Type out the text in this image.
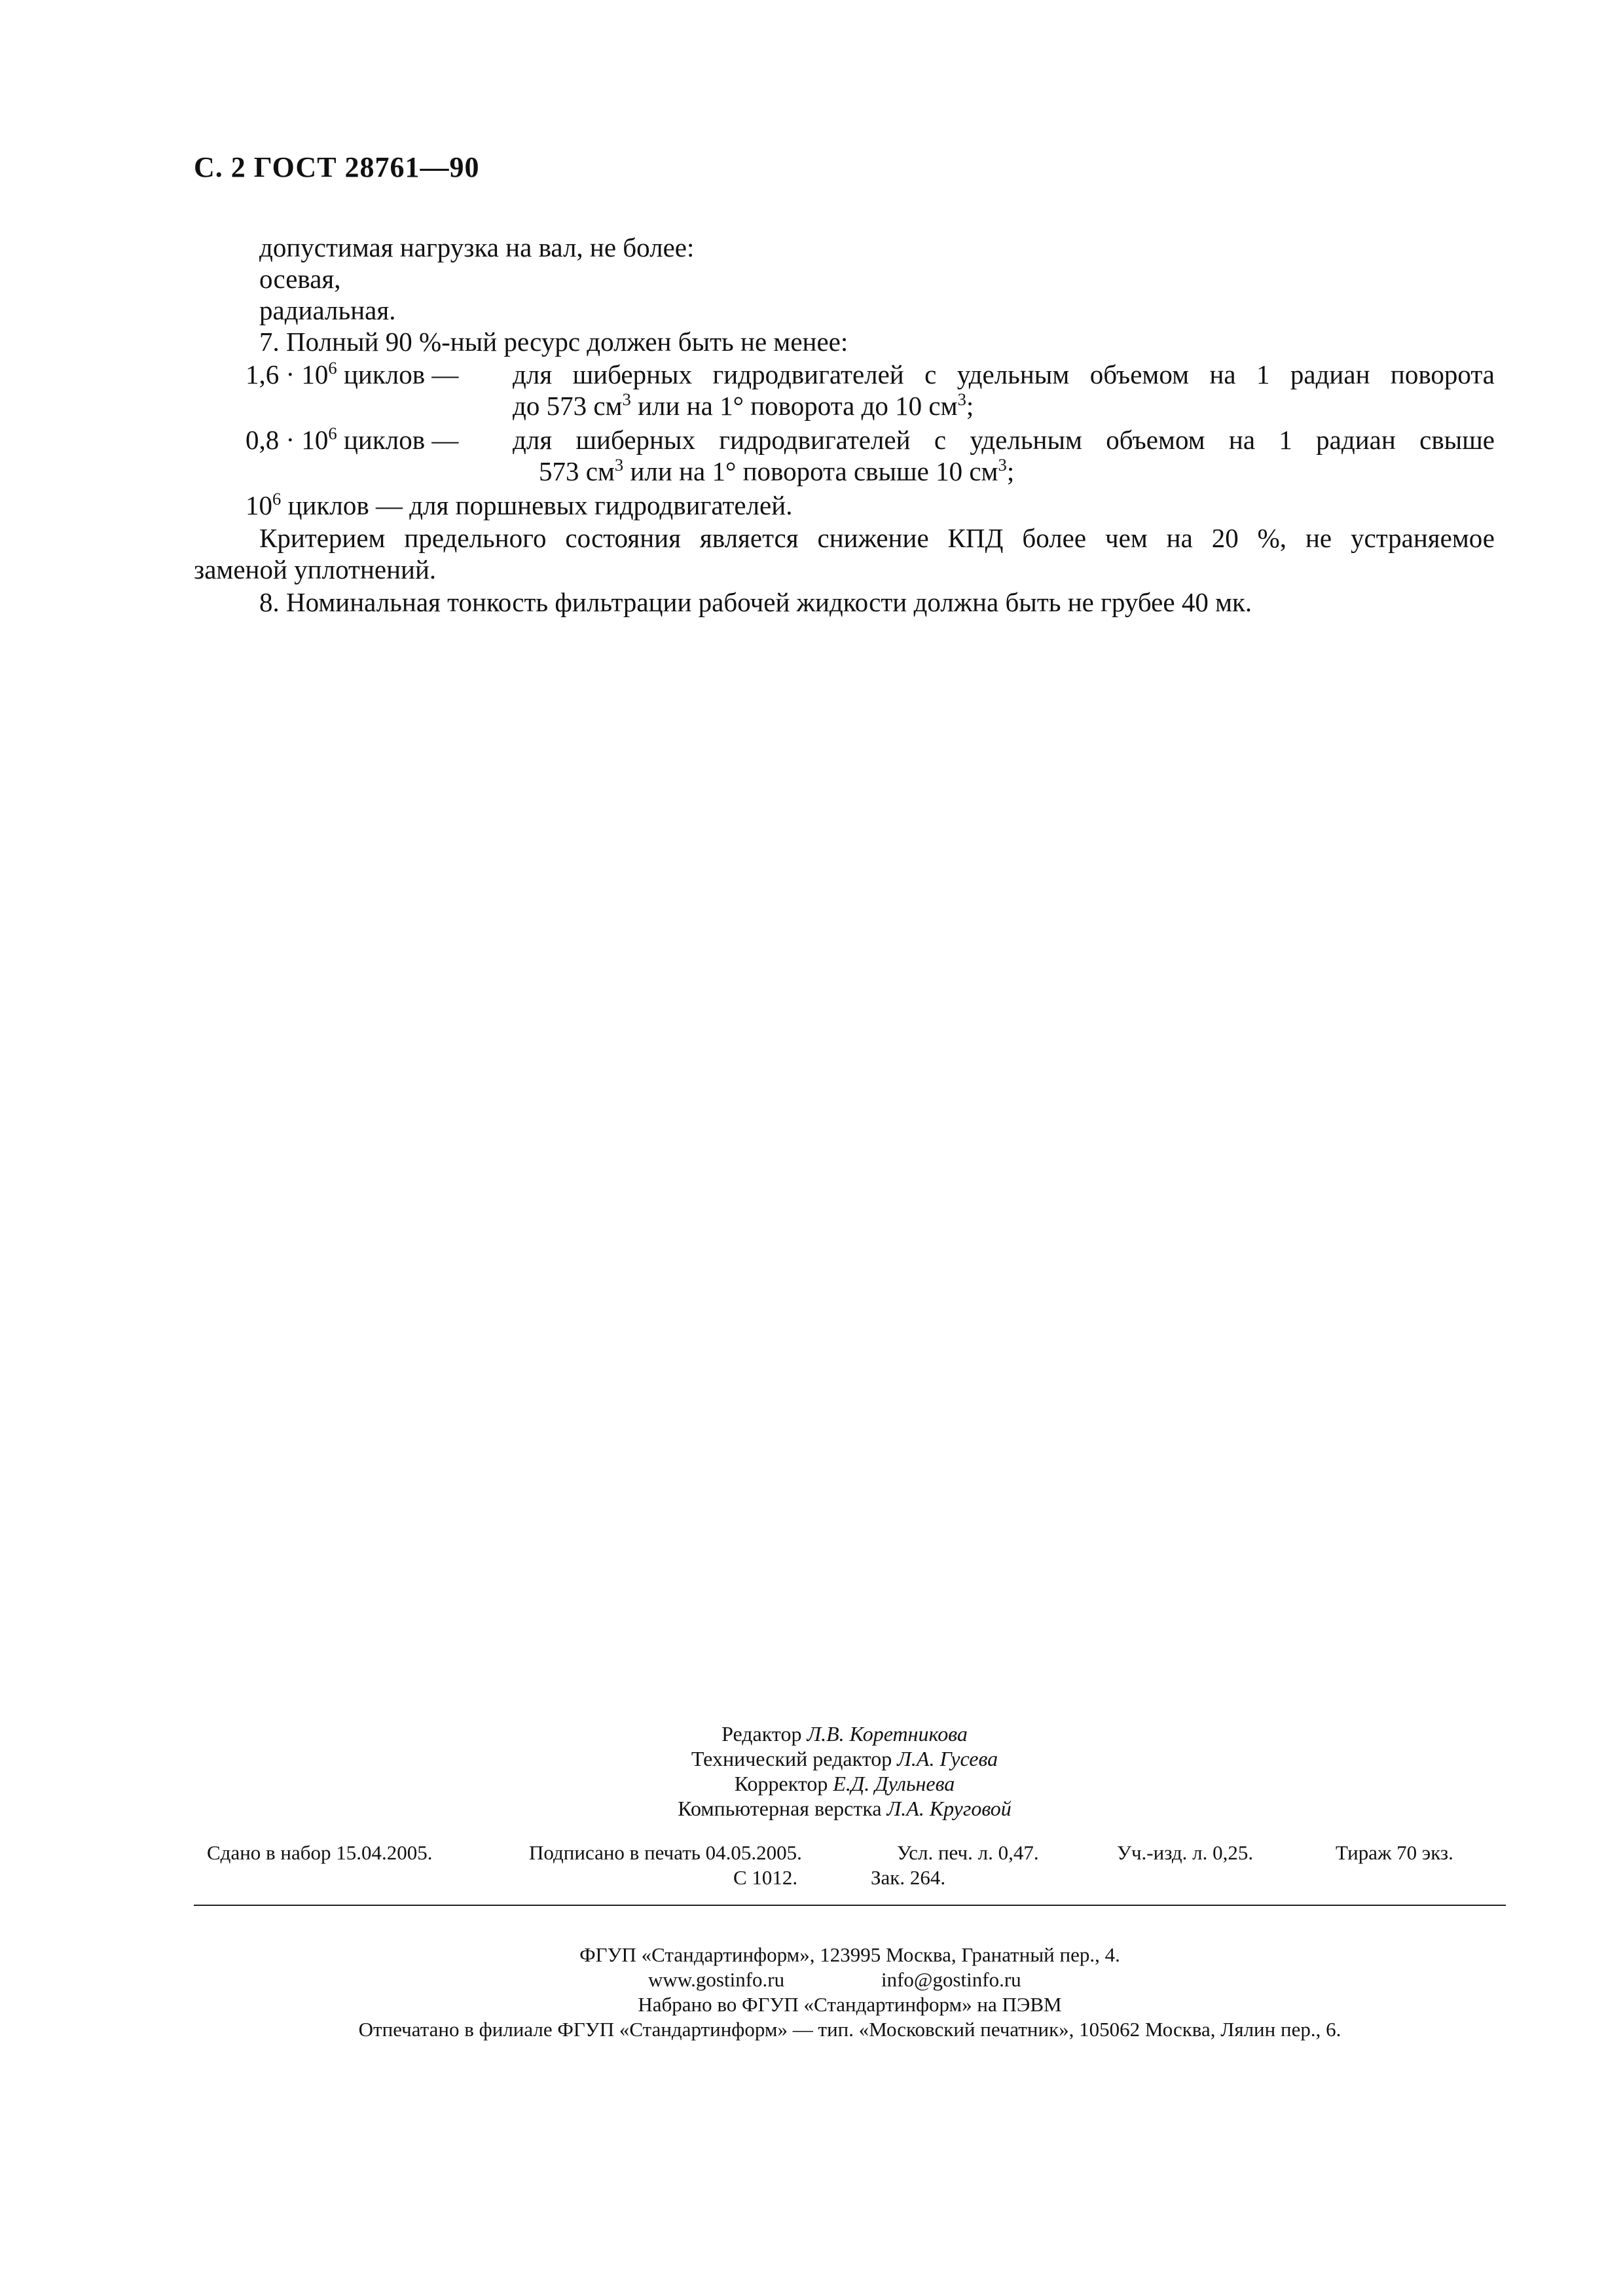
С. 2 ГОСТ 28761—90
допустимая нагрузка на вал, не более:
осевая,
радиальная.
7. Полный 90 %-ный ресурс должен быть не менее:
$1,6 \cdot 10^6$ циклов — для шиберных гидродвигателей с удельным объемом на 1 радиан поворота
до 573 $см^3$ или на 1° поворота до 10 $см^3$;
$0,8 \cdot 10^6$ циклов — для шиберных гидродвигателей с удельным объемом на 1 радиан свыше
573 $см^3$ или на 1° поворота свыше 10 $см^3$;
$10^6$ циклов — для поршневых гидродвигателей.
Критерием предельного состояния является снижение КПД более чем на 20 %, не устраняемое
заменой уплотнений.
8. Номинальная тонкость фильтрации рабочей жидкости должна быть не грубее 40 мк.
Редактор Л.В. Коретникова
Технический редактор Л.А. Гусева
Корректор Е.Д. Дульнева
Компьютерная верстка Л.А. Круговой
Сдано в набор 15.04.2005.	Подписано в печать 04.05.2005.	Усл. печ. л. 0,47.	Уч.-изд. л. 0,25.	Тираж 70 экз.
С 1012.	Зак. 264.
ФГУП «Стандартинформ», 123995 Москва, Гранатный пер., 4.
www.gostinfo.ru	info@gostinfo.ru
Набрано во ФГУП «Стандартинформ» на ПЭВМ
Отпечатано в филиале ФГУП «Стандартинформ» — тип. «Московский печатник», 105062 Москва, Лялин пер., 6.
